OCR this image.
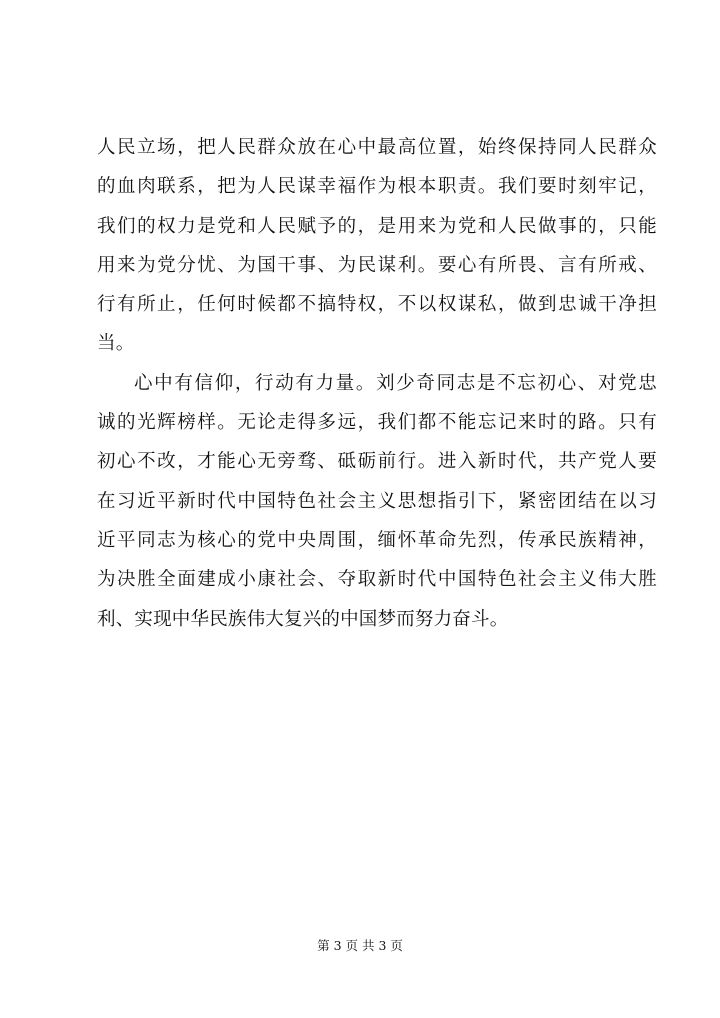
人民立场，把人民群众放在心中最高位置，始终保持同人民群众
的血肉联系，把为人民谋幸福作为根本职责。我们要时刻牢记，
我们的权力是党和人民赋予的，是用来为党和人民做事的，只能
用来为党分忧、为国干事、为民谋利。要心有所畏、言有所戒、
行有所止，任何时候都不搞特权，不以权谋私，做到忠诚干净担
当。
心中有信仰，行动有力量。刘少奇同志是不忘初心、对党忠
诚的光辉榜样。无论走得多远，我们都不能忘记来时的路。只有
初心不改，才能心无旁骛、砥砺前行。进入新时代，共产党人要
在习近平新时代中国特色社会主义思想指引下，紧密团结在以习
近平同志为核心的党中央周围，缅怀革命先烈，传承民族精神，
为决胜全面建成小康社会、夺取新时代中国特色社会主义伟大胜
利、实现中华民族伟大复兴的中国梦而努力奋斗。
第 3 页 共 3 页
